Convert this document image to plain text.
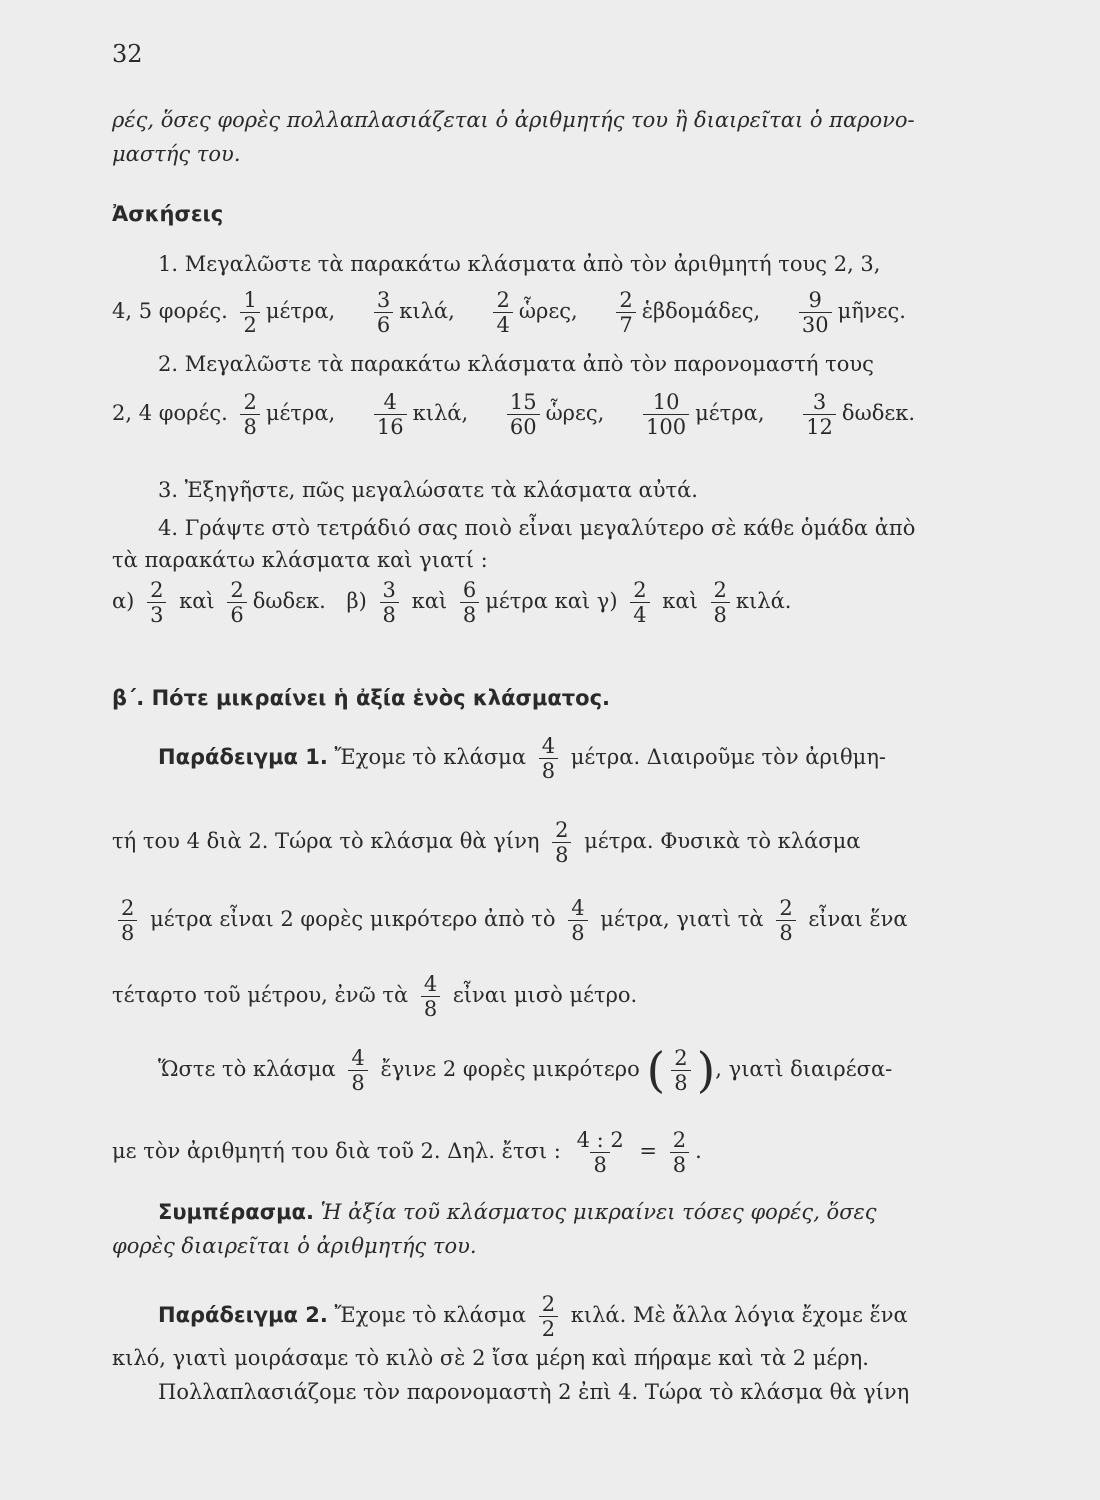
32
ρές, ὅσες φορὲς πολλαπλασιάζεται ὁ ἀριθμητής του ἢ διαιρεῖται ὁ παρονο-
μαστής του.
Ἀσκήσεις
1. Μεγαλῶστε τὰ παρακάτω κλάσματα ἀπὸ τὸν ἀριθμητή τους 2, 3,
4, 5 φορές. $\frac{1}{2} \mu έ\tau\rho\alpha$, $\frac{3}{6} \kappa\iota\lambda ά$, $\frac{2}{4}$ ὧρες, $\frac{2}{7}$ ἑβδομάδες, $\frac{9}{30}$ μῆνες.
2. Μεγαλῶστε τὰ παρακάτω κλάσματα ἀπὸ τὸν παρονομαστή τους
2, 4 φορές. $\frac{2}{8} \mu έ\tau\rho\alpha$, $\frac{4}{16} \kappa\iota\lambda ά$, $\frac{15}{60}$ ὧρες, $\frac{10}{100} \mu έ\tau\rho\alpha$, $\frac{3}{12} \delta\omega\delta\varepsilon\kappa$.
3. Ἐξηγῆστε, πῶς μεγαλώσατε τὰ κλάσματα αὐτά.
4. Γράψτε στὸ τετράδιό σας ποιὸ εἶναι μεγαλύτερο σὲ κάθε ὁμάδα ἀπὸ
τὰ παρακάτω κλάσματα καὶ γιατί :
$\alpha) \frac{2}{3}$ καὶ $\frac{2}{6} \delta\omega\delta\varepsilon\kappa$. $\beta) \frac{3}{8}$ καὶ $\frac{6}{8}$ μέτρα καὶ $\gamma) \frac{2}{4}$ καὶ $\frac{2}{8} \kappa\iota\lambda ά$.
β΄. Πότε μικραίνει ἡ ἀξία ἑνὸς κλάσματος.
Παράδειγμα 1. Ἔχομε τὸ κλάσμα $\frac{4}{8} \mu έ\tau\rho\alpha$. Διαιροῦμε τὸν ἀριθμη-
τή του 4 διὰ 2. Τώρα τὸ κλάσμα θὰ γίνη $\frac{2}{8} \mu έ\tau\rho\alpha$. Φυσικὰ τὸ κλάσμα
$\frac{2}{8}$ μέτρα εἶναι 2 φορὲς μικρότερο ἀπὸ τὸ $\frac{4}{8} \mu έ\tau\rho\alpha$, γιατὶ τὰ $\frac{2}{8}$ εἶναι ἕνα
τέταρτο τοῦ μέτρου, ἐνῶ τὰ $\frac{4}{8}$ εἶναι μισὸ μέτρο.
Ὥστε τὸ κλάσμα $\frac{4}{8}$ ἔγινε 2 φορὲς μικρότερο ( $\frac{2}{8}$ ), γιατὶ διαιρέσα-
με τὸν ἀριθμητή του διὰ τοῦ 2. Δηλ. ἔτσι : $\frac{4 : 2}{8} = \frac{2}{8}$ .
Συμπέρασμα. Ἡ ἀξία τοῦ κλάσματος μικραίνει τόσες φορές, ὅσες
φορὲς διαιρεῖται ὁ ἀριθμητής του.
Παράδειγμα 2. Ἔχομε τὸ κλάσμα $\frac{2}{2} \kappa\iota\lambda ά$. Μὲ ἄλλα λόγια ἔχομε ἕνα
κιλό, γιατὶ μοιράσαμε τὸ κιλὸ σὲ 2 ἴσα μέρη καὶ πήραμε καὶ τὰ 2 μέρη.
Πολλαπλασιάζομε τὸν παρονομαστὴ 2 ἐπὶ 4. Τώρα τὸ κλάσμα θὰ γίνη
